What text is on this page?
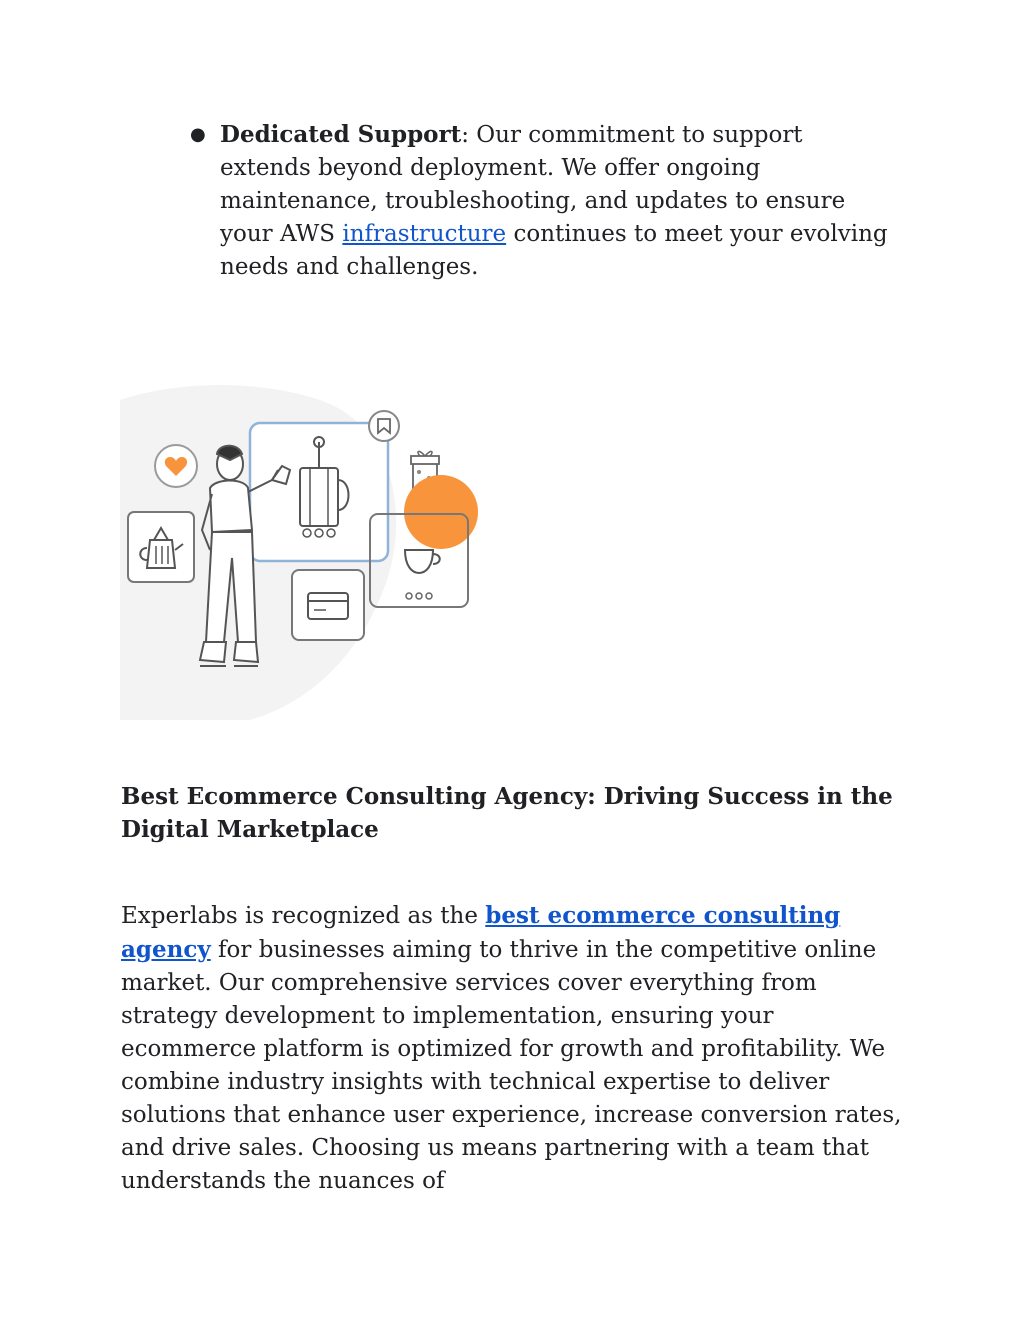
● Dedicated Support: Our commitment to support extends beyond deployment. We offer ongoing maintenance, troubleshooting, and updates to ensure your AWS infrastructure continues to meet your evolving needs and challenges.
Best Ecommerce Consulting Agency: Driving Success in the Digital Marketplace
Experlabs is recognized as the best ecommerce consulting agency for businesses aiming to thrive in the competitive online market. Our comprehensive services cover everything from strategy development to implementation, ensuring your ecommerce platform is optimized for growth and profitability. We combine industry insights with technical expertise to deliver solutions that enhance user experience, increase conversion rates, and drive sales. Choosing us means partnering with a team that understands the nuances of
